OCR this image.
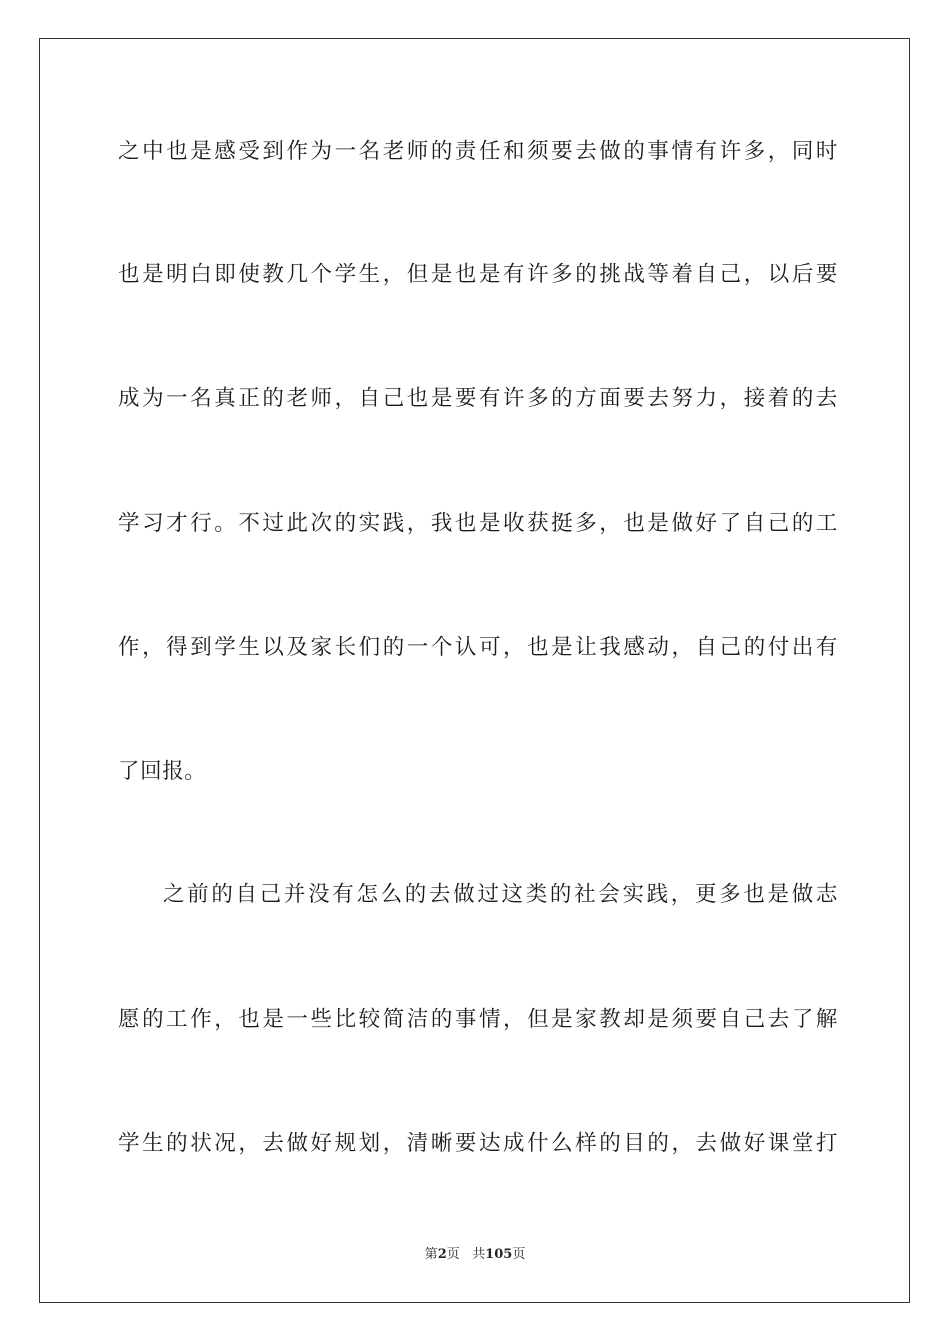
之中也是感受到作为一名老师的责任和须要去做的事情有许多，同时
也是明白即使教几个学生，但是也是有许多的挑战等着自己，以后要
成为一名真正的老师，自己也是要有许多的方面要去努力，接着的去
学习才行。不过此次的实践，我也是收获挺多，也是做好了自己的工
作，得到学生以及家长们的一个认可，也是让我感动，自己的付出有
了回报。
之前的自己并没有怎么的去做过这类的社会实践，更多也是做志
愿的工作，也是一些比较简洁的事情，但是家教却是须要自己去了解
学生的状况，去做好规划，清晰要达成什么样的目的，去做好课堂打
第2页 共105页
